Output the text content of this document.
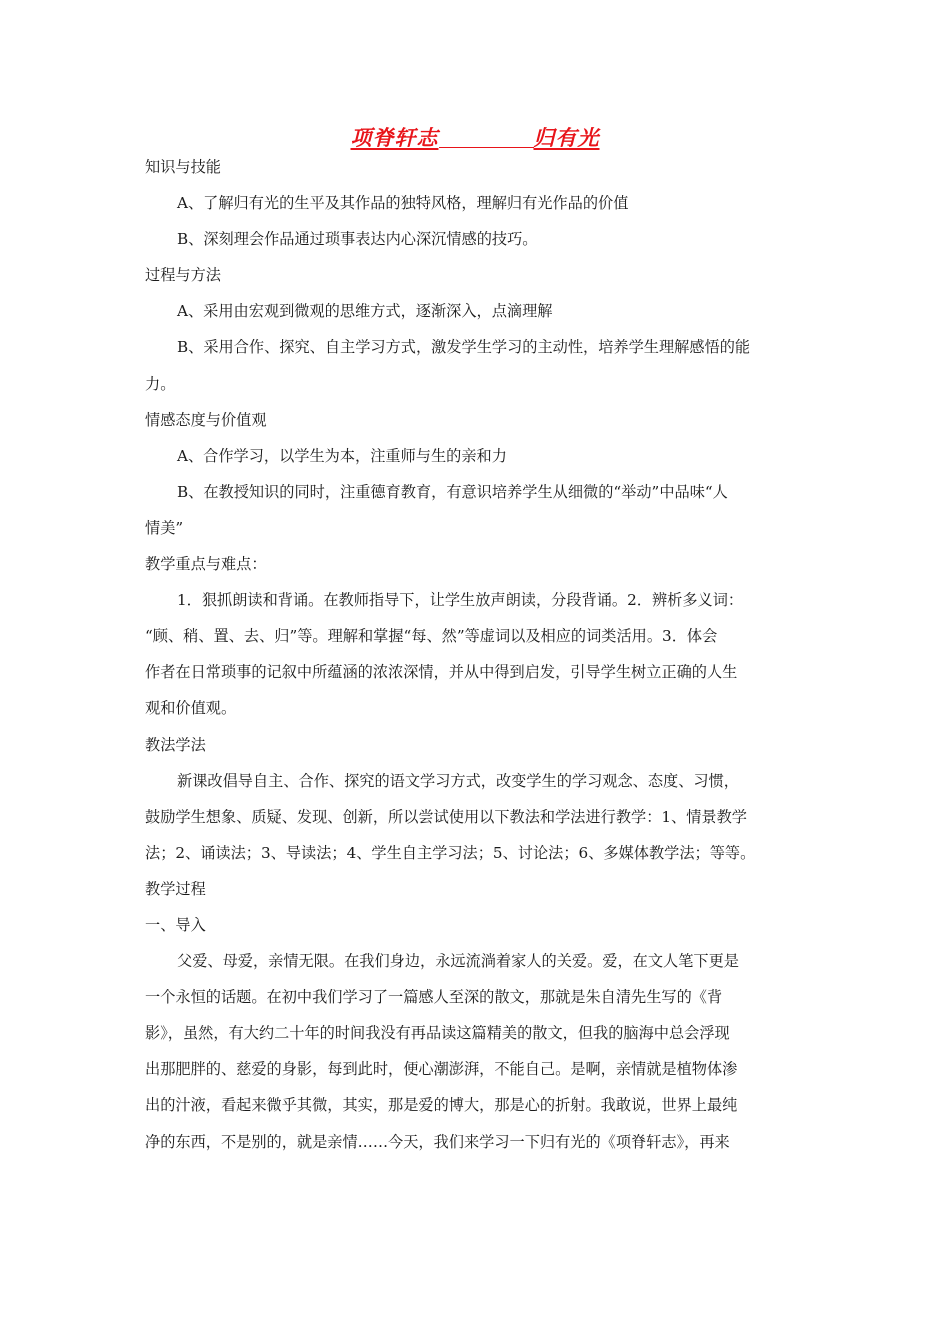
项脊轩志	归有光

知识与技能

A、了解归有光的生平及其作品的独特风格，理解归有光作品的价值

B、深刻理会作品通过琐事表达内心深沉情感的技巧。

过程与方法

A、采用由宏观到微观的思维方式，逐渐深入，点滴理解

B、采用合作、探究、自主学习方式，激发学生学习的主动性，培养学生理解感悟的能

力。

情感态度与价值观

A、合作学习，以学生为本，注重师与生的亲和力

B、在教授知识的同时，注重德育教育，有意识培养学生从细微的“举动”中品味“人

情美”

教学重点与难点：

1．狠抓朗读和背诵。在教师指导下，让学生放声朗读，分段背诵。2．辨析多义词：

“顾、稍、置、去、归”等。理解和掌握“每、然”等虚词以及相应的词类活用。3．体会

作者在日常琐事的记叙中所蕴涵的浓浓深情，并从中得到启发，引导学生树立正确的人生

观和价值观。

教法学法

新课改倡导自主、合作、探究的语文学习方式，改变学生的学习观念、态度、习惯，

鼓励学生想象、质疑、发现、创新，所以尝试使用以下教法和学法进行教学：1、情景教学

法；2、诵读法；3、导读法；4、学生自主学习法；5、讨论法；6、多媒体教学法；等等。

教学过程

一、导入

父爱、母爱，亲情无限。在我们身边，永远流淌着家人的关爱。爱，在文人笔下更是

一个永恒的话题。在初中我们学习了一篇感人至深的散文，那就是朱自清先生写的《背

影》，虽然，有大约二十年的时间我没有再品读这篇精美的散文，但我的脑海中总会浮现

出那肥胖的、慈爱的身影，每到此时，便心潮澎湃，不能自己。是啊，亲情就是植物体渗

出的汁液，看起来微乎其微，其实，那是爱的博大，那是心的折射。我敢说，世界上最纯

净的东西，不是别的，就是亲情……今天，我们来学习一下归有光的《项脊轩志》，再来
